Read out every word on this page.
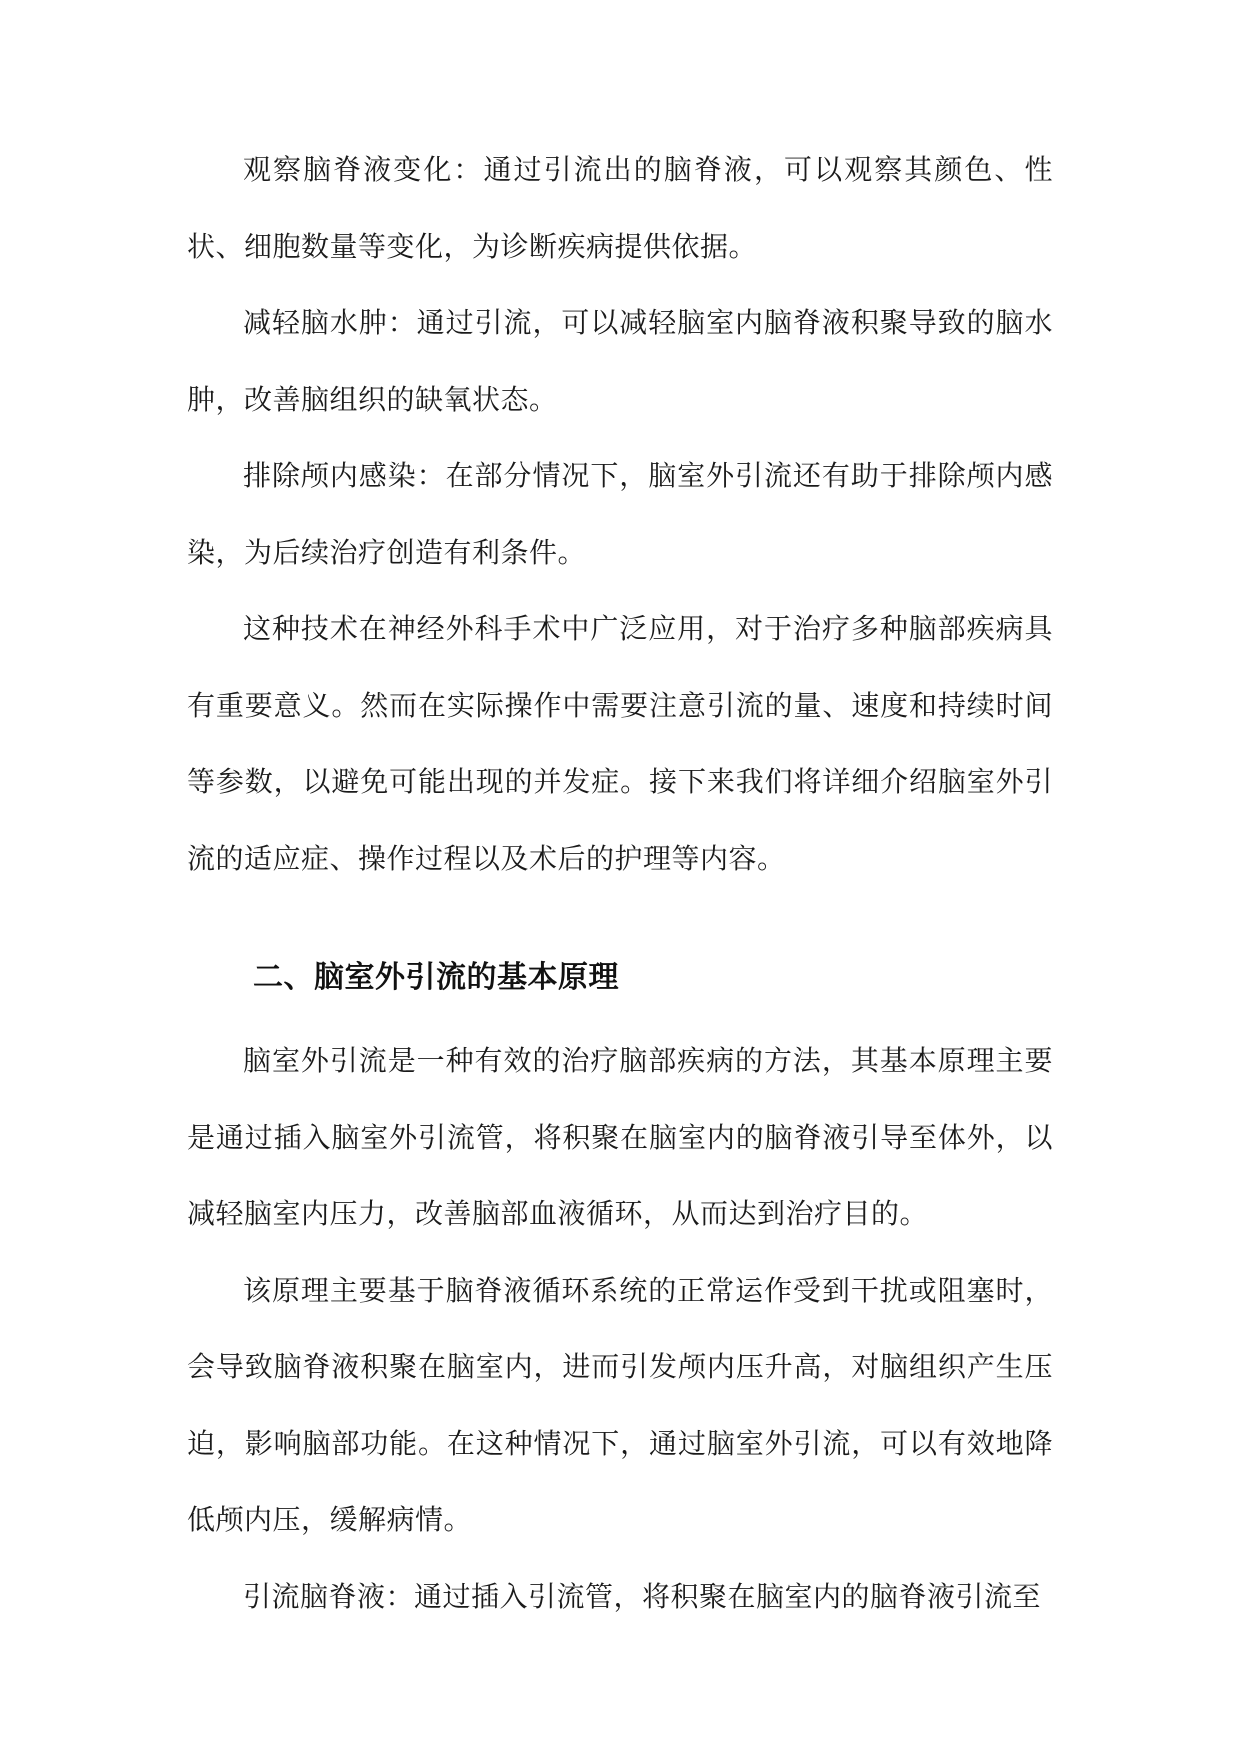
观察脑脊液变化：通过引流出的脑脊液，可以观察其颜色、性状、细胞数量等变化，为诊断疾病提供依据。

减轻脑水肿：通过引流，可以减轻脑室内脑脊液积聚导致的脑水肿，改善脑组织的缺氧状态。

排除颅内感染：在部分情况下，脑室外引流还有助于排除颅内感染，为后续治疗创造有利条件。

这种技术在神经外科手术中广泛应用，对于治疗多种脑部疾病具有重要意义。然而在实际操作中需要注意引流的量、速度和持续时间等参数，以避免可能出现的并发症。接下来我们将详细介绍脑室外引流的适应症、操作过程以及术后的护理等内容。

二、脑室外引流的基本原理

脑室外引流是一种有效的治疗脑部疾病的方法，其基本原理主要是通过插入脑室外引流管，将积聚在脑室内的脑脊液引导至体外，以减轻脑室内压力，改善脑部血液循环，从而达到治疗目的。

该原理主要基于脑脊液循环系统的正常运作受到干扰或阻塞时，会导致脑脊液积聚在脑室内，进而引发颅内压升高，对脑组织产生压迫，影响脑部功能。在这种情况下，通过脑室外引流，可以有效地降低颅内压，缓解病情。

引流脑脊液：通过插入引流管，将积聚在脑室内的脑脊液引流至
